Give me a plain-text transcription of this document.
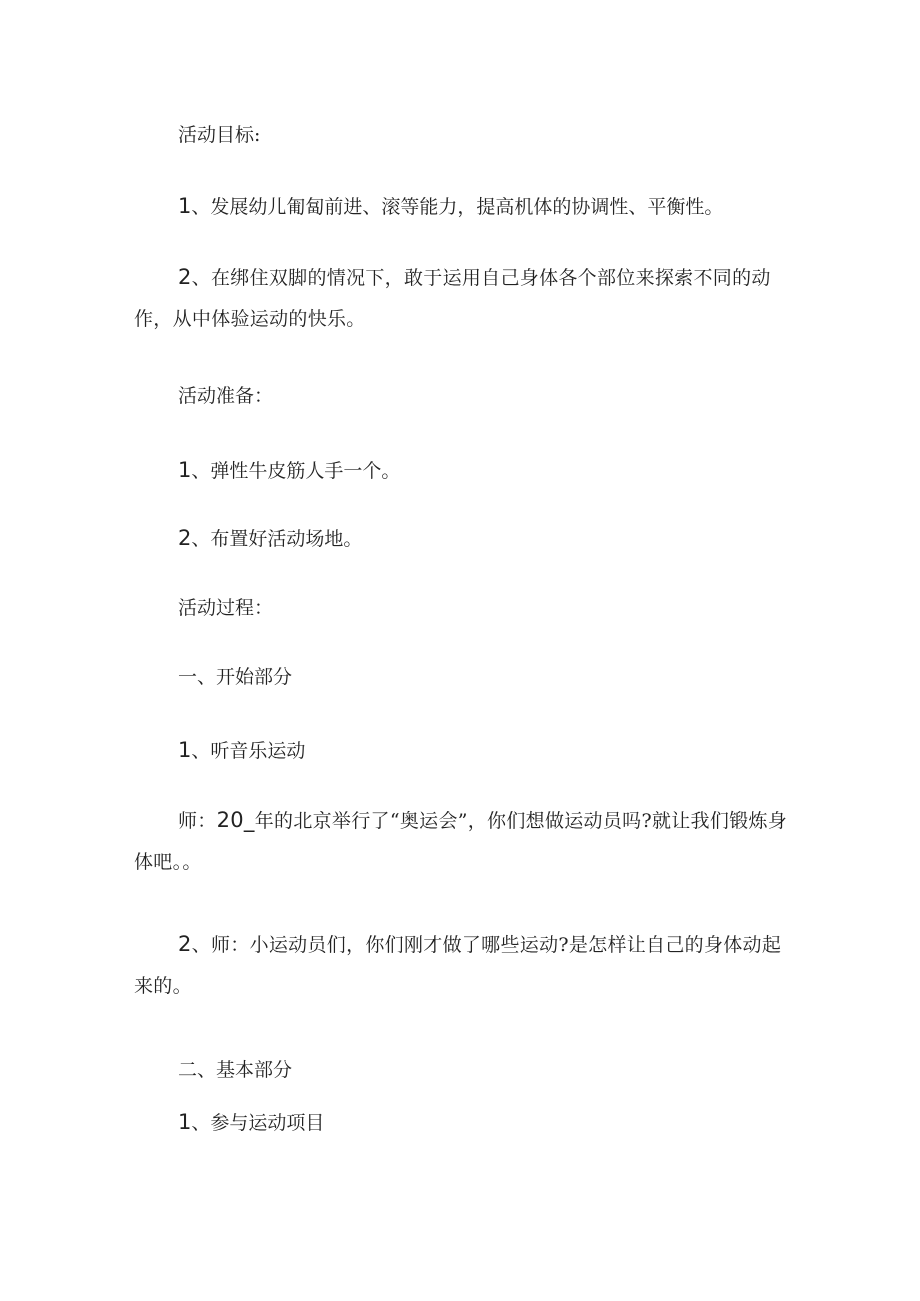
活动目标:

1、发展幼儿匍匐前进、滚等能力，提高机体的协调性、平衡性。

2、在绑住双脚的情况下，敢于运用自己身体各个部位来探索不同的动作，从中体验运动的快乐。

活动准备：

1、弹性牛皮筋人手一个。

2、布置好活动场地。

活动过程：

一、开始部分

1、听音乐运动

师：20_年的北京举行了“奥运会”，你们想做运动员吗?就让我们锻炼身体吧。。

2、师：小运动员们，你们刚才做了哪些运动?是怎样让自己的身体动起来的。

二、基本部分

1、参与运动项目
